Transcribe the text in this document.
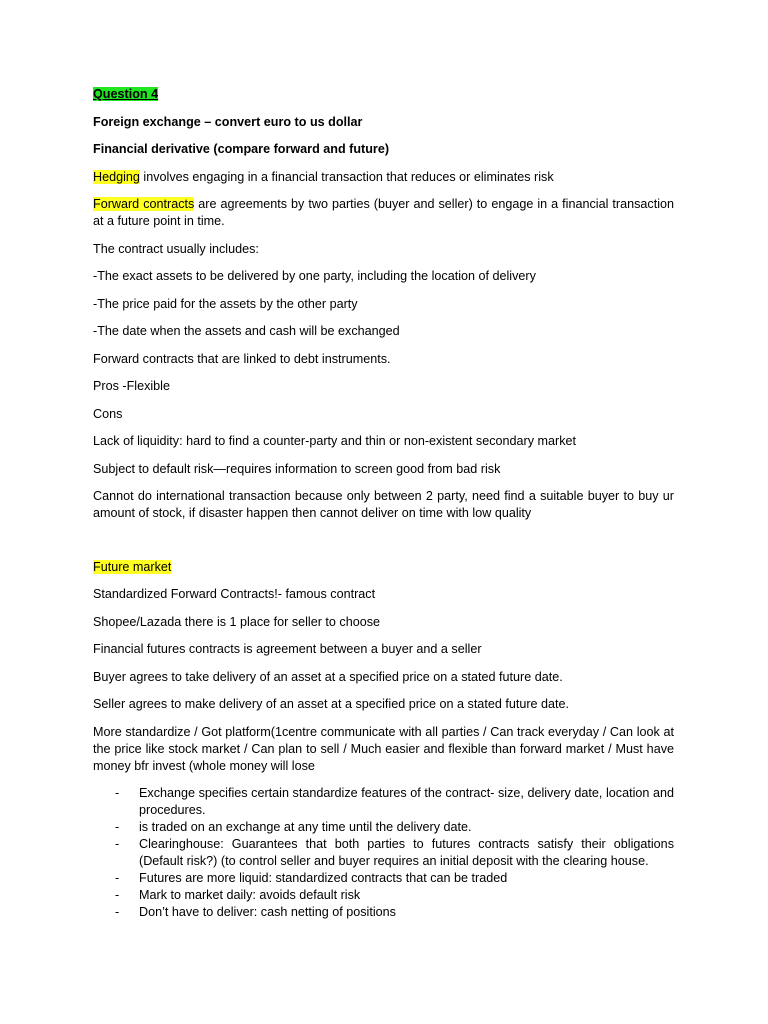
Question 4

Foreign exchange – convert euro to us dollar

Financial derivative (compare forward and future)

Hedging involves engaging in a financial transaction that reduces or eliminates risk

Forward contracts are agreements by two parties (buyer and seller) to engage in a financial transaction at a future point in time.

The contract usually includes:

-The exact assets to be delivered by one party, including the location of delivery

-The price paid for the assets by the other party

-The date when the assets and cash will be exchanged

Forward contracts that are linked to debt instruments.

Pros -Flexible

Cons

Lack of liquidity: hard to find a counter-party and thin or non-existent secondary market

Subject to default risk—requires information to screen good from bad risk

Cannot do international transaction because only between 2 party, need find a suitable buyer to buy ur amount of stock, if disaster happen then cannot deliver on time with low quality

Future market

Standardized Forward Contracts!- famous contract

Shopee/Lazada there is 1 place for seller to choose

Financial futures contracts is agreement between a buyer and a seller

Buyer agrees to take delivery of an asset at a specified price on a stated future date.

Seller agrees to make delivery of an asset at a specified price on a stated future date.

More standardize / Got platform(1centre communicate with all parties / Can track everyday / Can look at the price like stock market / Can plan to sell / Much easier and flexible than forward market / Must have money bfr invest (whole money will lose

- Exchange specifies certain standardize features of the contract- size, delivery date, location and procedures.
- is traded on an exchange at any time until the delivery date.
- Clearinghouse: Guarantees that both parties to futures contracts satisfy their obligations (Default risk?) (to control seller and buyer requires an initial deposit with the clearing house.
- Futures are more liquid: standardized contracts that can be traded
- Mark to market daily: avoids default risk
- Don’t have to deliver: cash netting of positions
